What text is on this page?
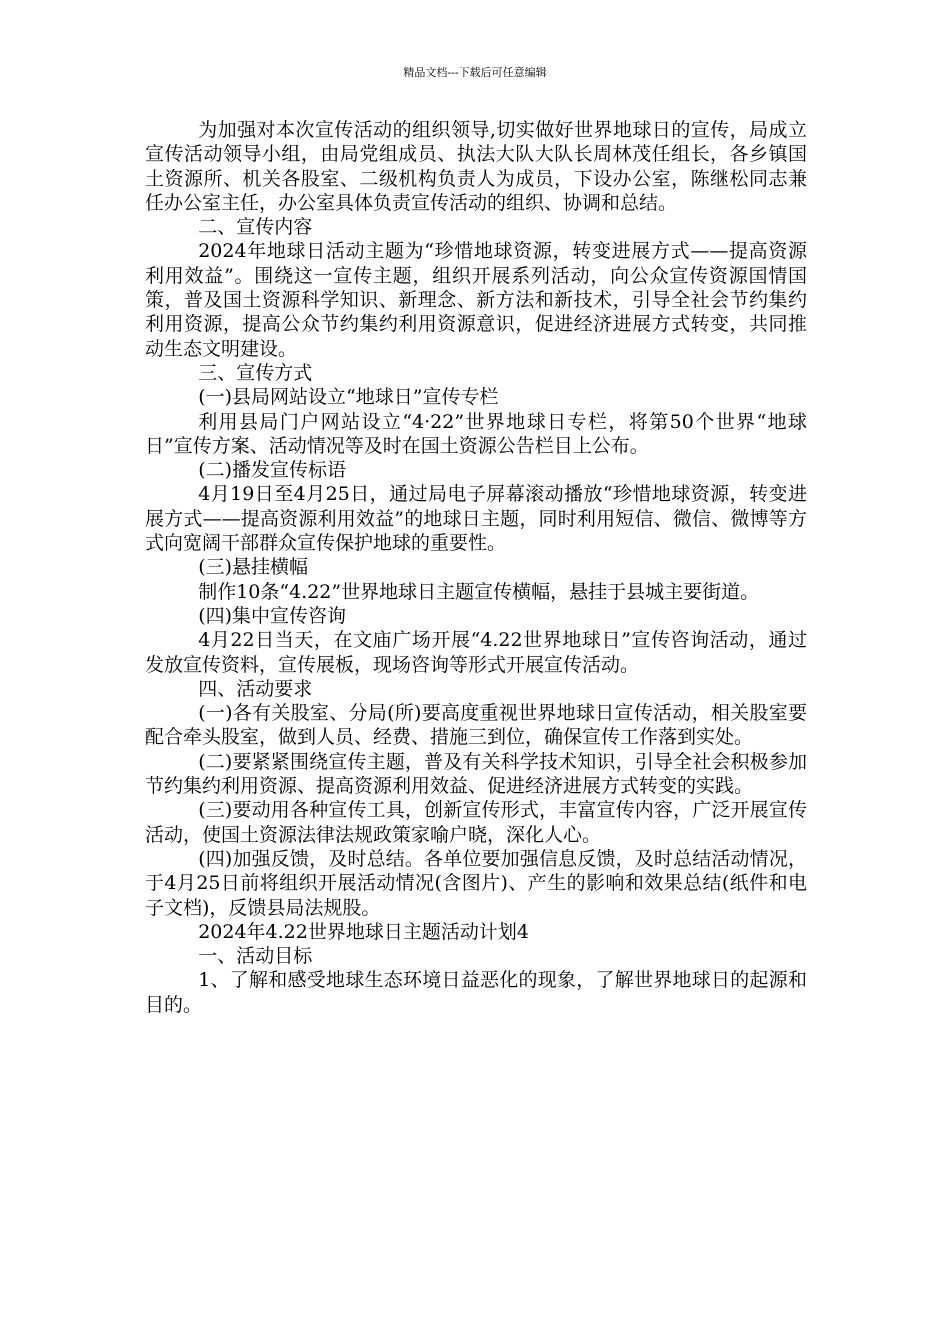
精品文档---下载后可任意编辑

为加强对本次宣传活动的组织领导,切实做好世界地球日的宣传，局成立宣传活动领导小组，由局党组成员、执法大队大队长周林茂任组长，各乡镇国土资源所、机关各股室、二级机构负责人为成员，下设办公室，陈继松同志兼任办公室主任，办公室具体负责宣传活动的组织、协调和总结。

二、宣传内容

2024年地球日活动主题为“珍惜地球资源，转变进展方式——提高资源利用效益”。围绕这一宣传主题，组织开展系列活动，向公众宣传资源国情国策，普及国土资源科学知识、新理念、新方法和新技术，引导全社会节约集约利用资源，提高公众节约集约利用资源意识，促进经济进展方式转变，共同推动生态文明建设。

三、宣传方式

(一)县局网站设立“地球日”宣传专栏

利用县局门户网站设立“4·22”世界地球日专栏，将第50个世界“地球日”宣传方案、活动情况等及时在国土资源公告栏目上公布。

(二)播发宣传标语

4月19日至4月25日，通过局电子屏幕滚动播放“珍惜地球资源，转变进展方式——提高资源利用效益”的地球日主题，同时利用短信、微信、微博等方式向宽阔干部群众宣传保护地球的重要性。

(三)悬挂横幅

制作10条“4.22”世界地球日主题宣传横幅，悬挂于县城主要街道。

(四)集中宣传咨询

4月22日当天，在文庙广场开展“4.22世界地球日”宣传咨询活动，通过发放宣传资料，宣传展板，现场咨询等形式开展宣传活动。

四、活动要求

(一)各有关股室、分局(所)要高度重视世界地球日宣传活动，相关股室要配合牵头股室，做到人员、经费、措施三到位，确保宣传工作落到实处。

(二)要紧紧围绕宣传主题，普及有关科学技术知识，引导全社会积极参加节约集约利用资源、提高资源利用效益、促进经济进展方式转变的实践。

(三)要动用各种宣传工具，创新宣传形式，丰富宣传内容，广泛开展宣传活动，使国土资源法律法规政策家喻户晓，深化人心。

(四)加强反馈，及时总结。各单位要加强信息反馈，及时总结活动情况，于4月25日前将组织开展活动情况(含图片)、产生的影响和效果总结(纸件和电子文档)，反馈县局法规股。

2024年4.22世界地球日主题活动计划4

一、活动目标

1、了解和感受地球生态环境日益恶化的现象，了解世界地球日的起源和目的。
